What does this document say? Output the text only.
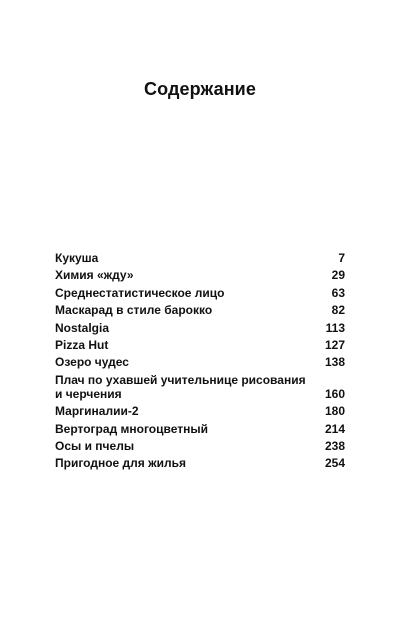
Содержание
Кукуша	7
Химия «жду»	29
Среднестатистическое лицо	63
Маскарад в стиле барокко	82
Nostalgia	113
Pizza Hut	127
Озеро чудес	138
Плач по ухавшей учительнице рисования
и черчения	160
Маргиналии-2	180
Вертоград многоцветный	214
Осы и пчелы	238
Пригодное для жилья	254
